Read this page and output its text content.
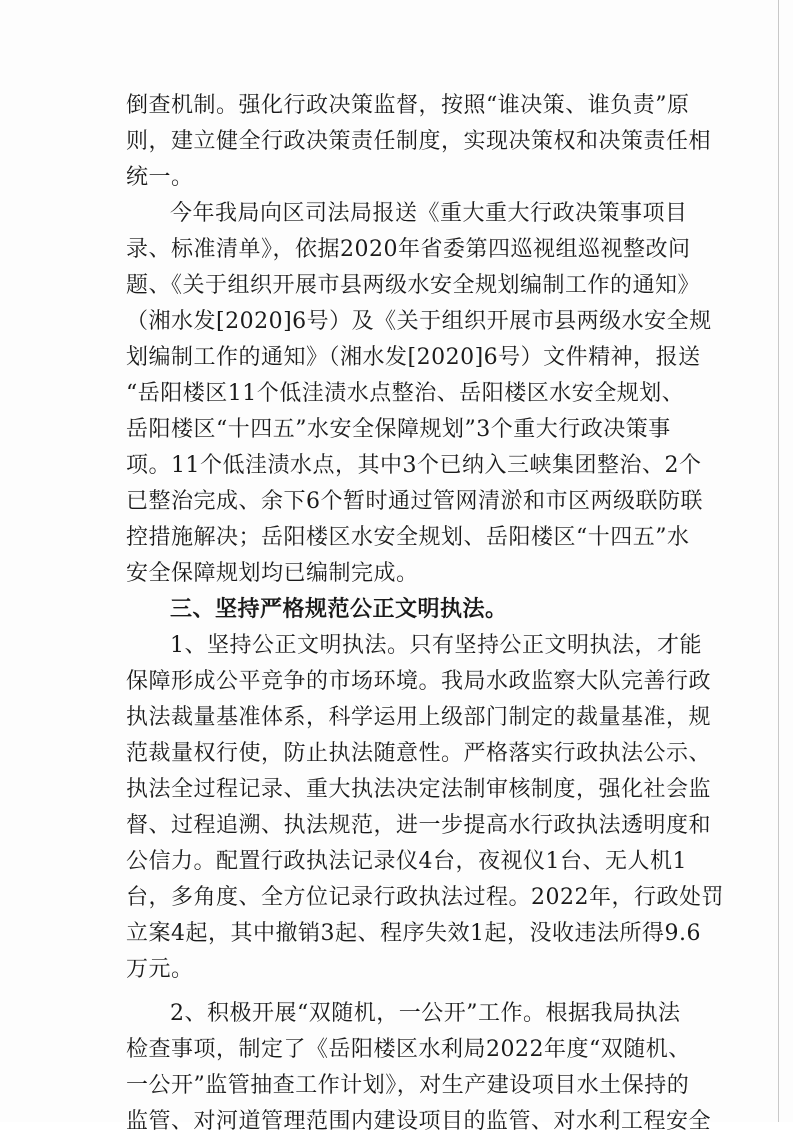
倒查机制。强化行政决策监督，按照“谁决策、谁负责”原
则，建立健全行政决策责任制度，实现决策权和决策责任相
统一。
今年我局向区司法局报送《重大重大行政决策事项目
录、标准清单》，依据2020年省委第四巡视组巡视整改问
题、《关于组织开展市县两级水安全规划编制工作的通知》
（湘水发[2020]6号）及《关于组织开展市县两级水安全规
划编制工作的通知》（湘水发[2020]6号）文件精神，报送
“岳阳楼区11个低洼渍水点整治、岳阳楼区水安全规划、
岳阳楼区“十四五”水安全保障规划”3个重大行政决策事
项。11个低洼渍水点，其中3个已纳入三峡集团整治、2个
已整治完成、余下6个暂时通过管网清淤和市区两级联防联
控措施解决；岳阳楼区水安全规划、岳阳楼区“十四五”水
安全保障规划均已编制完成。
三、坚持严格规范公正文明执法。
1、坚持公正文明执法。只有坚持公正文明执法，才能
保障形成公平竞争的市场环境。我局水政监察大队完善行政
执法裁量基准体系，科学运用上级部门制定的裁量基准，规
范裁量权行使，防止执法随意性。严格落实行政执法公示、
执法全过程记录、重大执法决定法制审核制度，强化社会监
督、过程追溯、执法规范，进一步提高水行政执法透明度和
公信力。配置行政执法记录仪4台，夜视仪1台、无人机1
台，多角度、全方位记录行政执法过程。2022年，行政处罚
立案4起，其中撤销3起、程序失效1起，没收违法所得9.6
万元。
2、积极开展“双随机，一公开”工作。根据我局执法
检查事项，制定了《岳阳楼区水利局2022年度“双随机、
一公开”监管抽查工作计划》，对生产建设项目水土保持的
监管、对河道管理范围内建设项目的监管、对水利工程安全
